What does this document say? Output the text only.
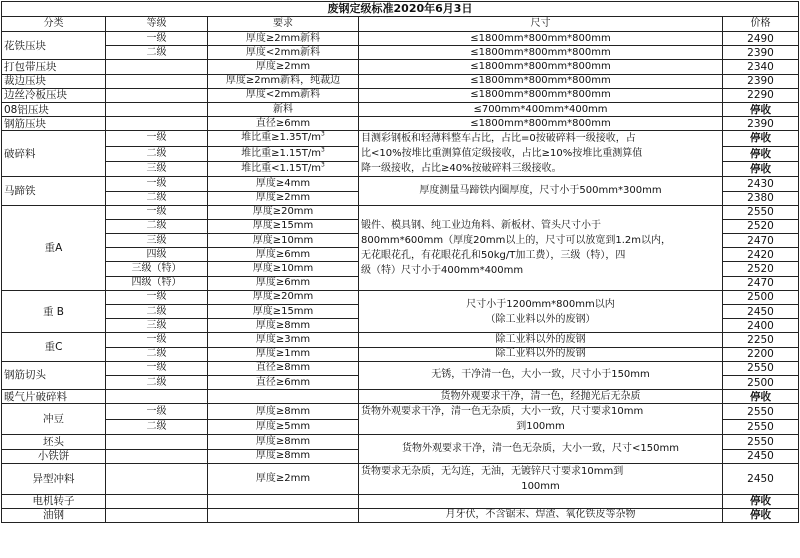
废钢定级标准2020年6月3日				
分类	等级	要求	尺寸	价格
花铁压块	一级	厚度≥2mm新料	≤1800mm*800mm*800mm	2490
	二级	厚度<2mm新料	≤1800mm*800mm*800mm	2390
打包带压块		厚度≥2mm	≤1800mm*800mm*800mm	2340
裁边压块		厚度≥2mm新料，纯裁边	≤1800mm*800mm*800mm	2390
边丝冷板压块		厚度<2mm新料	≤1800mm*800mm*800mm	2290
08铝压块		新料	≤700mm*400mm*400mm	停收
钢筋压块		直径≥6mm	≤1800mm*800mm*800mm	2390
破碎料	一级	堆比重$\ge 1.35T/m^3$	目测彩钢板和轻薄料整车占比，占比=0按破碎料一级接收，占
比<10%按堆比重测算值定级接收，占比≥10%按堆比重测算值
降一级接收，占比≥40%按破碎料三级接收。	停收
	二级	堆比重$\ge 1.15T/m^3$		停收
	三级	堆比重$<1.15T/m^3$		停收
马蹄铁	一级	厚度≥4mm	厚度测量马蹄铁内圈厚度，尺寸小于500mm*300mm	2430
	二级	厚度≥2mm		2380
重A	一级	厚度≥20mm	锻件、模具钢、纯工业边角料、新板材、管头尺寸小于
800mm*600mm（厚度20mm以上的，尺寸可以放宽到1.2m以内，
无花眼花孔，有花眼花孔和50kg/T加工费），三级（特），四
级（特）尺寸小于400mm*400mm	2550
	二级	厚度≥15mm		2520
	三级	厚度≥10mm		2470
	四级	厚度≥6mm		2420
	三级（特）	厚度≥10mm		2520
	四级（特）	厚度≥6mm		2470
重 B	一级	厚度≥20mm	尺寸小于1200mm*800mm以内
（除工业料以外的废钢）	2500
	二级	厚度≥15mm		2450
	三级	厚度≥8mm		2400
重C	一级	厚度≥3mm	除工业料以外的废钢	2250
	二级	厚度≥1mm	除工业料以外的废钢	2200
钢筋切头	一级	直径≥8mm	无锈，干净清一色，大小一致，尺寸小于150mm	2550
	二级	直径≥6mm		2500
暖气片破碎料			货物外观要求干净，清一色，经抛光后无杂质	停收
冲豆	一级	厚度≥8mm	货物外观要求干净，清一色无杂质，大小一致，尺寸要求10mm
到100mm	2550
	二级	厚度≥5mm		2550
坯头		厚度≥8mm	货物外观要求干净，清一色无杂质，大小一致，尺寸<150mm	2550
小铁饼		厚度≥8mm		2450
异型冲料		厚度≥2mm	货物要求无杂质，无勾连，无油，无镀锌尺寸要求10mm到
100mm	2450
电机转子				停收
油钢			月牙伏，不含锯末、焊渣、氧化铁皮等杂物	停收
